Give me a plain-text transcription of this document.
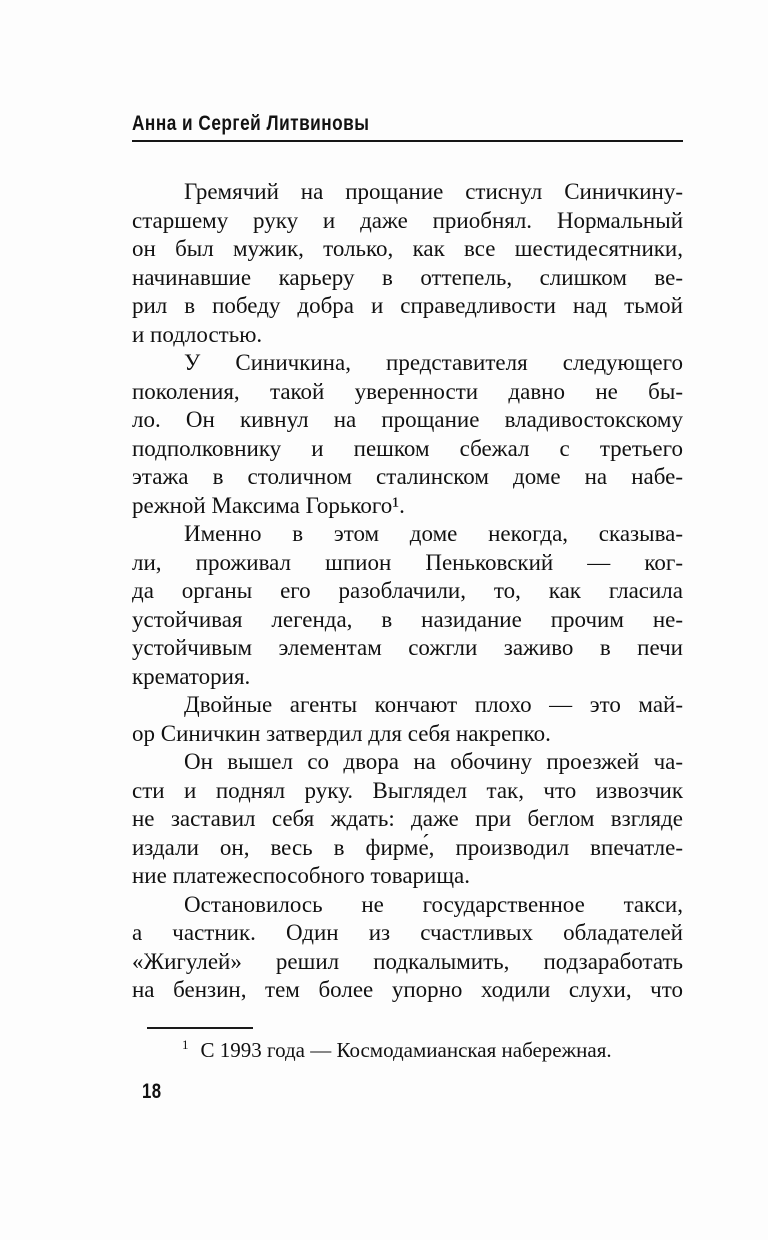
Анна и Сергей Литвиновы
Гремячий на прощание стиснул Синичкину-
старшему руку и даже приобнял. Нормальный
он был мужик, только, как все шестидесятники,
начинавшие карьеру в оттепель, слишком ве-
рил в победу добра и справедливости над тьмой
и подлостью.
У Синичкина, представителя следующего
поколения, такой уверенности давно не бы-
ло. Он кивнул на прощание владивостокскому
подполковнику и пешком сбежал с третьего
этажа в столичном сталинском доме на набе-
режной Максима Горького¹.
Именно в этом доме некогда, сказыва-
ли, проживал шпион Пеньковский — ког-
да органы его разоблачили, то, как гласила
устойчивая легенда, в назидание прочим не-
устойчивым элементам сожгли заживо в печи
крематория.
Двойные агенты кончают плохо — это май-
ор Синичкин затвердил для себя накрепко.
Он вышел со двора на обочину проезжей ча-
сти и поднял руку. Выглядел так, что извозчик
не заставил себя ждать: даже при беглом взгляде
издали он, весь в фирме́, производил впечатле-
ние платежеспособного товарища.
Остановилось не государственное такси,
а частник. Один из счастливых обладателей
«Жигулей» решил подкалымить, подзаработать
на бензин, тем более упорно ходили слухи, что
$^1$ С 1993 года — Космодамианская набережная.
18
